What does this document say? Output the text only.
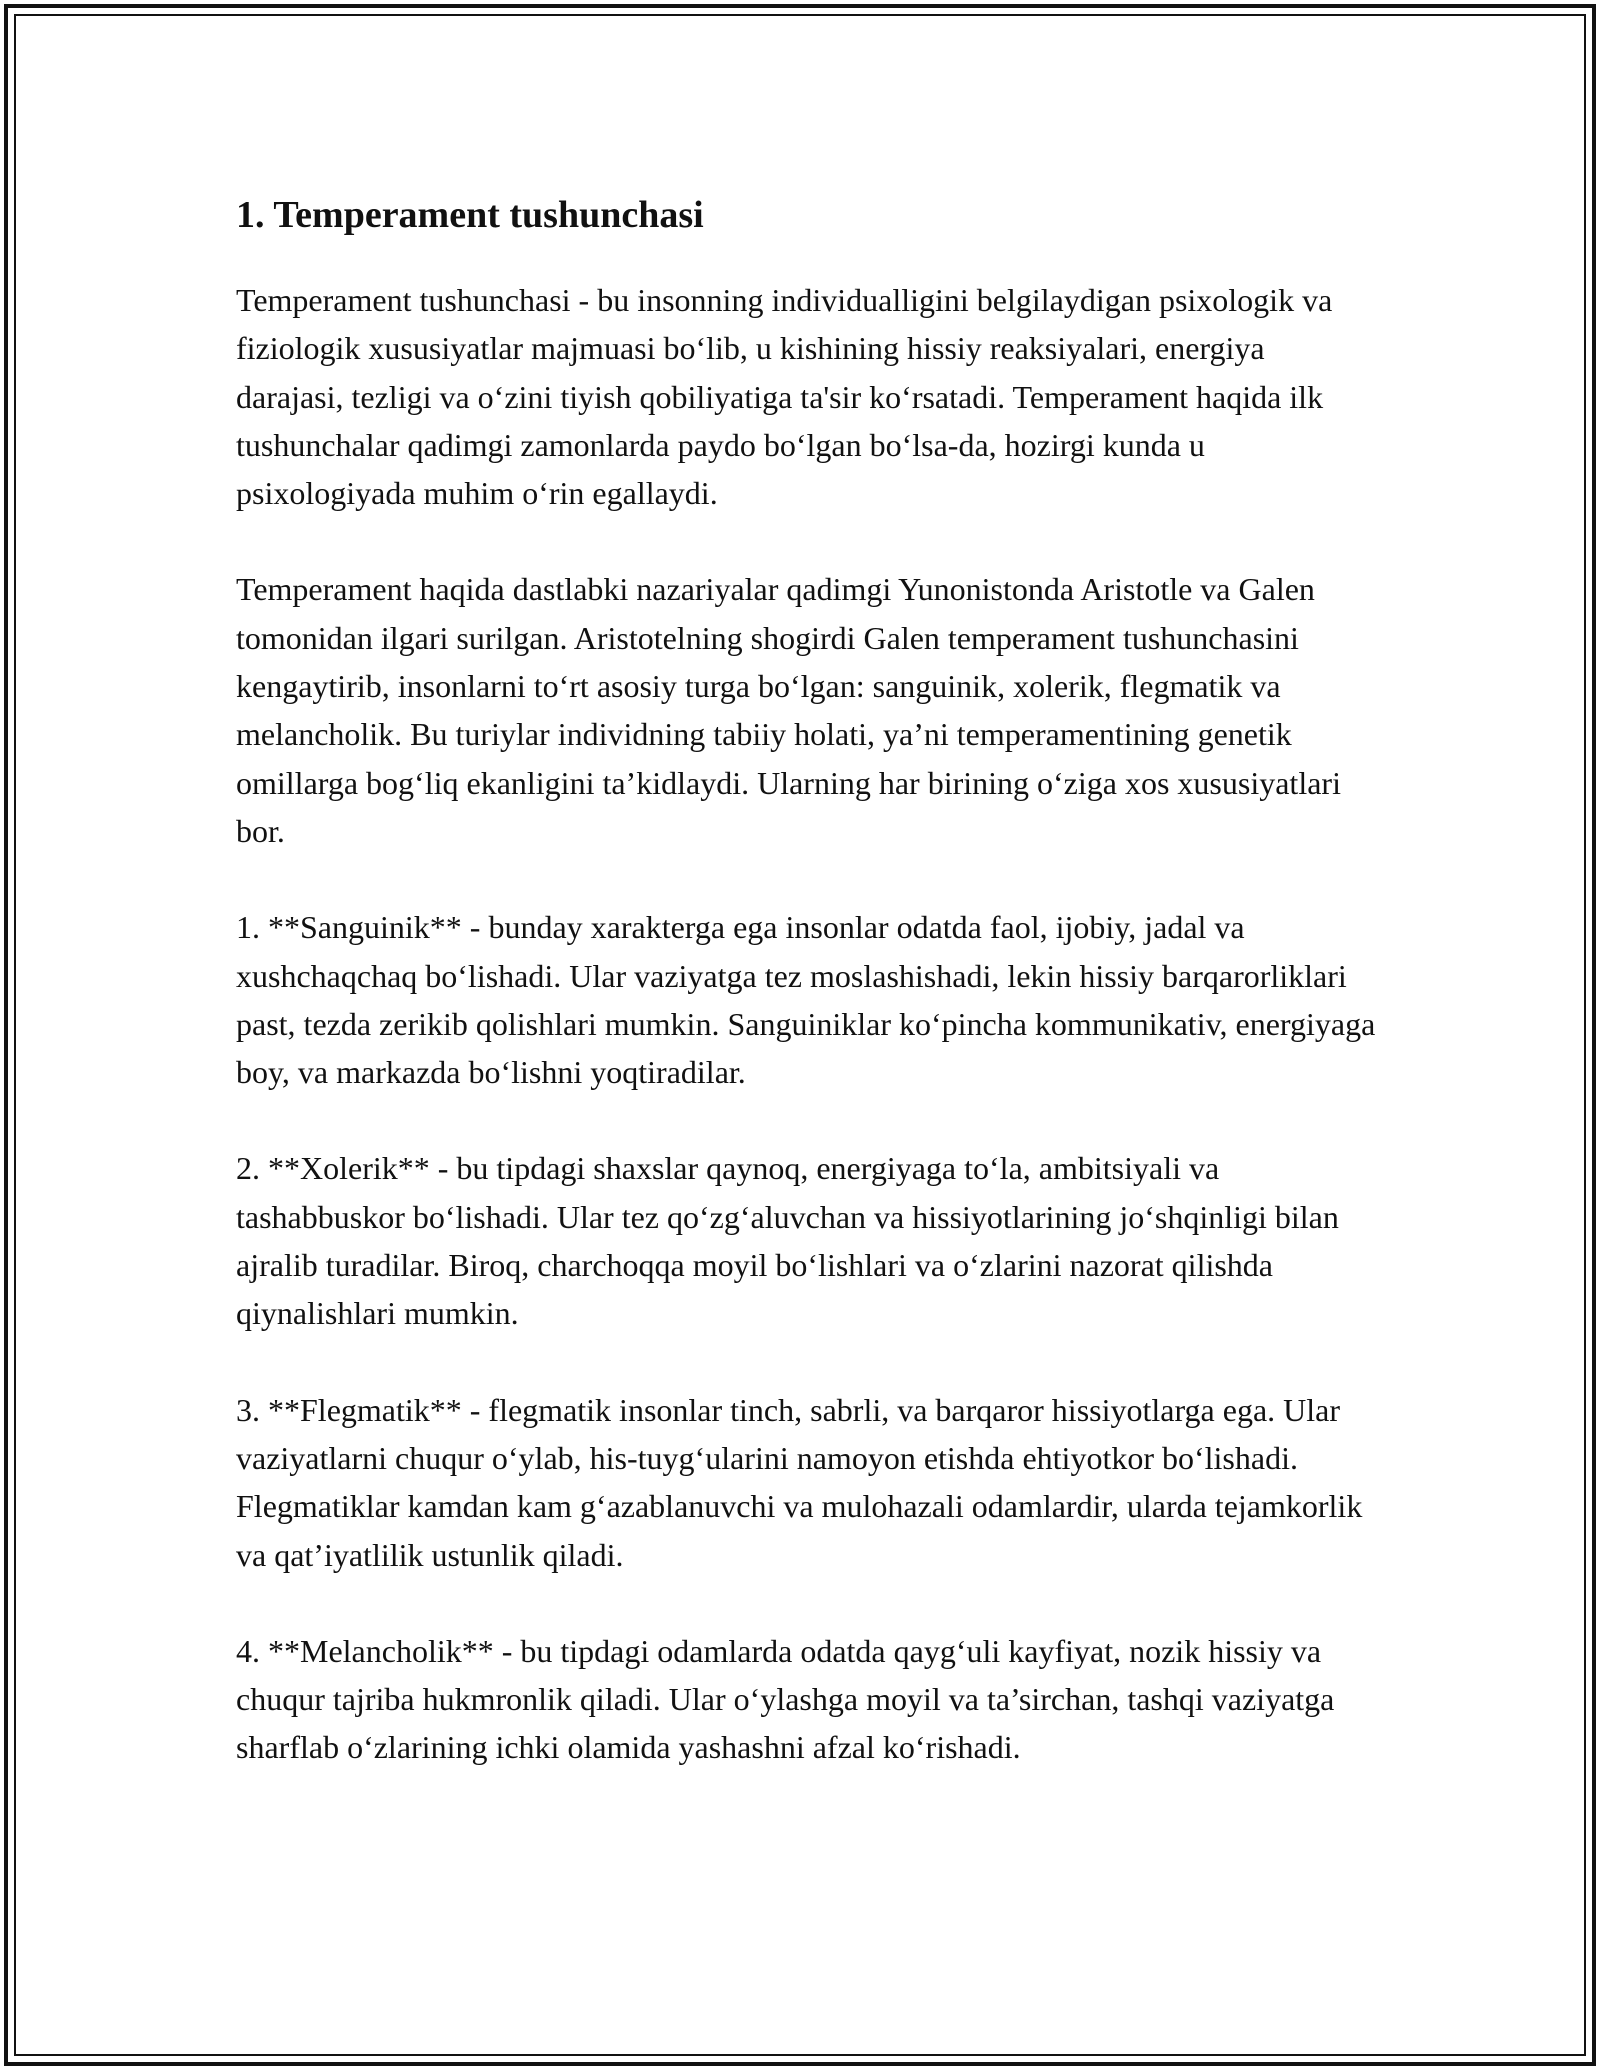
1. Temperament tushunchasi

Temperament tushunchasi - bu insonning individualligini belgilaydigan psixologik va fiziologik xususiyatlar majmuasi bo‘lib, u kishining hissiy reaksiyalari, energiya darajasi, tezligi va o‘zini tiyish qobiliyatiga ta'sir ko‘rsatadi. Temperament haqida ilk tushunchalar qadimgi zamonlarda paydo bo‘lgan bo‘lsa-da, hozirgi kunda u psixologiyada muhim o‘rin egallaydi.

Temperament haqida dastlabki nazariyalar qadimgi Yunonistonda Aristotle va Galen tomonidan ilgari surilgan. Aristotelning shogirdi Galen temperament tushunchasini kengaytirib, insonlarni to‘rt asosiy turga bo‘lgan: sanguinik, xolerik, flegmatik va melancholik. Bu turiylar individning tabiiy holati, ya’ni temperamentining genetik omillarga bog‘liq ekanligini ta’kidlaydi. Ularning har birining o‘ziga xos xususiyatlari bor.

1. **Sanguinik** - bunday xarakterga ega insonlar odatda faol, ijobiy, jadal va xushchaqchaq bo‘lishadi. Ular vaziyatga tez moslashishadi, lekin hissiy barqarorliklari past, tezda zerikib qolishlari mumkin. Sanguiniklar ko‘pincha kommunikativ, energiyaga boy, va markazda bo‘lishni yoqtiradilar.

2. **Xolerik** - bu tipdagi shaxslar qaynoq, energiyaga to‘la, ambitsiyali va tashabbuskor bo‘lishadi. Ular tez qo‘zg‘aluvchan va hissiyotlarining jo‘shqinligi bilan ajralib turadilar. Biroq, charchoqqa moyil bo‘lishlari va o‘zlarini nazorat qilishda qiynalishlari mumkin.

3. **Flegmatik** - flegmatik insonlar tinch, sabrli, va barqaror hissiyotlarga ega. Ular vaziyatlarni chuqur o‘ylab, his-tuyg‘ularini namoyon etishda ehtiyotkor bo‘lishadi. Flegmatiklar kamdan kam g‘azablanuvchi va mulohazali odamlardir, ularda tejamkorlik va qat’iyatlilik ustunlik qiladi.

4. **Melancholik** - bu tipdagi odamlarda odatda qayg‘uli kayfiyat, nozik hissiy va chuqur tajriba hukmronlik qiladi. Ular o‘ylashga moyil va ta’sirchan, tashqi vaziyatga sharflab o‘zlarining ichki olamida yashashni afzal ko‘rishadi.
